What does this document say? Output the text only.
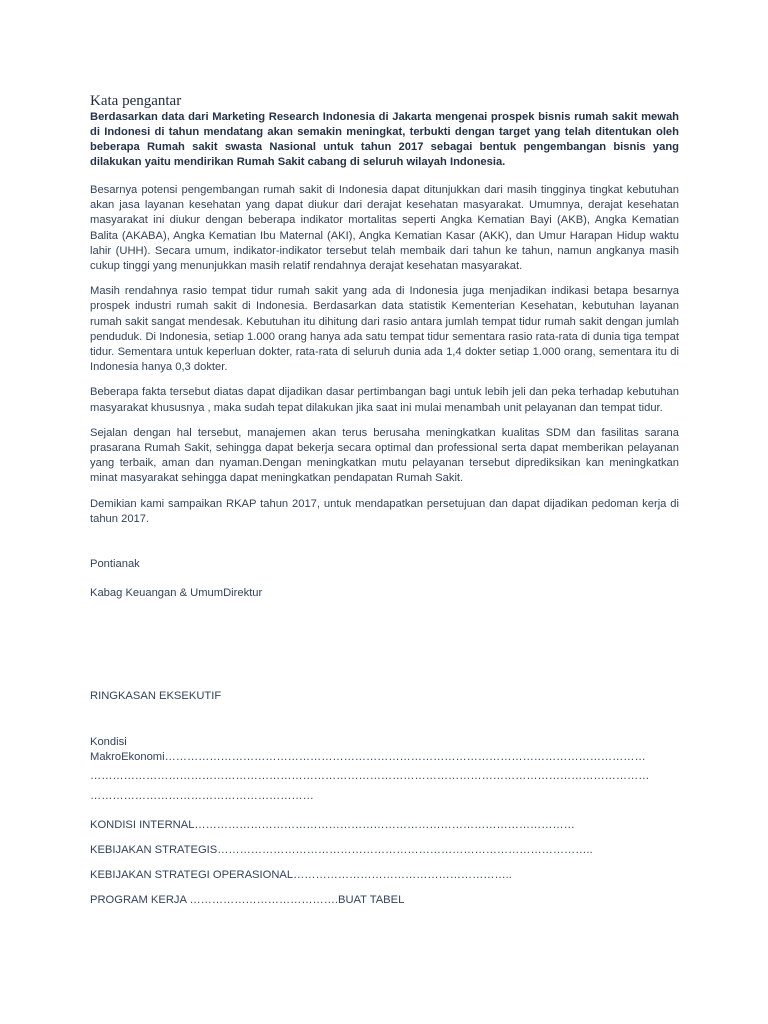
Kata pengantar

Berdasarkan data dari Marketing Research Indonesia di Jakarta mengenai prospek bisnis rumah sakit mewah di Indonesi di tahun mendatang akan semakin meningkat, terbukti dengan target yang telah ditentukan oleh beberapa Rumah sakit swasta Nasional untuk tahun 2017 sebagai bentuk pengembangan bisnis yang dilakukan yaitu mendirikan Rumah Sakit cabang di seluruh wilayah Indonesia.

Besarnya potensi pengembangan rumah sakit di Indonesia dapat ditunjukkan dari masih tingginya tingkat kebutuhan akan jasa layanan kesehatan yang dapat diukur dari derajat kesehatan masyarakat. Umumnya, derajat kesehatan masyarakat ini diukur dengan beberapa indikator mortalitas seperti Angka Kematian Bayi (AKB), Angka Kematian Balita (AKABA), Angka Kematian Ibu Maternal (AKI), Angka Kematian Kasar (AKK), dan Umur Harapan Hidup waktu lahir (UHH). Secara umum, indikator-indikator tersebut telah membaik dari tahun ke tahun, namun angkanya masih cukup tinggi yang menunjukkan masih relatif rendahnya derajat kesehatan masyarakat.

Masih rendahnya rasio tempat tidur rumah sakit yang ada di Indonesia juga menjadikan indikasi betapa besarnya prospek industri rumah sakit di Indonesia. Berdasarkan data statistik Kementerian Kesehatan, kebutuhan layanan rumah sakit sangat mendesak. Kebutuhan itu dihitung dari rasio antara jumlah tempat tidur rumah sakit dengan jumlah penduduk. Di Indonesia, setiap 1.000 orang hanya ada satu tempat tidur sementara rasio rata-rata di dunia tiga tempat tidur. Sementara untuk keperluan dokter, rata-rata di seluruh dunia ada 1,4 dokter setiap 1.000 orang, sementara itu di Indonesia hanya 0,3 dokter.

Beberapa fakta tersebut diatas dapat dijadikan dasar pertimbangan bagi untuk lebih jeli dan peka terhadap kebutuhan masyarakat khususnya , maka sudah tepat dilakukan jika saat ini mulai menambah unit pelayanan dan tempat tidur.

Sejalan dengan hal tersebut, manajemen akan terus berusaha meningkatkan kualitas SDM dan fasilitas sarana prasarana Rumah Sakit, sehingga dapat bekerja secara optimal dan professional serta dapat memberikan pelayanan yang terbaik, aman dan nyaman.Dengan meningkatkan mutu pelayanan tersebut diprediksikan kan meningkatkan minat masyarakat sehingga dapat meningkatkan pendapatan Rumah Sakit.

Demikian kami sampaikan RKAP tahun 2017, untuk mendapatkan persetujuan dan dapat dijadikan pedoman kerja di tahun 2017.

Pontianak

Kabag Keuangan & UmumDirektur

RINGKASAN EKSEKUTIF

Kondisi

MakroEkonomi…………………………………………………………………………………………………………………

……………………………………………………………………………………………………………………………………

……………………………………………………

KONDISI INTERNAL…………………………………………………………………………………………

KEBIJAKAN STRATEGIS………………………………………………………………………………………..

KEBIJAKAN STRATEGI OPERASIONAL…………………………………………………..

PROGRAM KERJA ………………………………….BUAT TABEL
